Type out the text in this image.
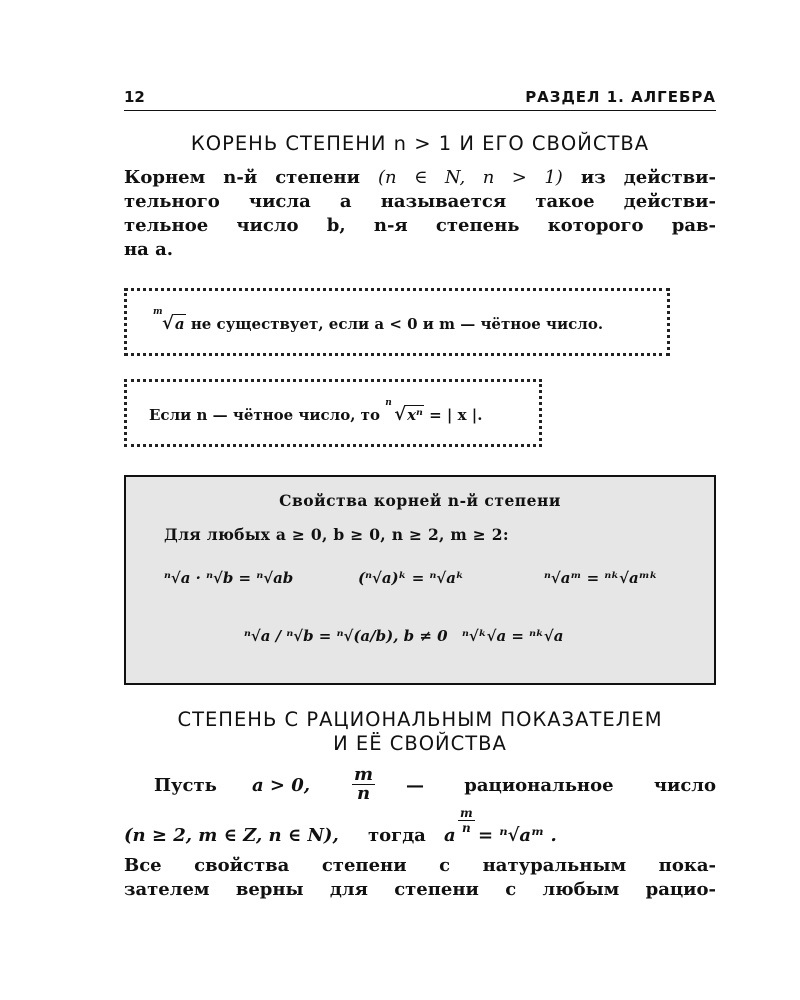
12	РАЗДЕЛ 1. АЛГЕБРА
КОРЕНЬ СТЕПЕНИ n > 1 И ЕГО СВОЙСТВА
Корнем n-й степени (n ∈ N, n > 1) из действи-
тельного числа a называется такое действи-
тельное число b, n-я степень которого рав-
на a.
m
√a не существует, если a < 0 и m — чётное число.
Если n — чётное число, то
n
√xⁿ = | x |.
Свойства корней n-й степени
Для любых a ≥ 0, b ≥ 0, n ≥ 2, m ≥ 2:
ⁿ√a · ⁿ√b = ⁿ√ab	(ⁿ√a)ᵏ = ⁿ√aᵏ	ⁿ√aᵐ = ⁿᵏ√aᵐᵏ
ⁿ√a / ⁿ√b = ⁿ√(a/b), b ≠ 0 ⁿ√ᵏ√a = ⁿᵏ√a
СТЕПЕНЬ С РАЦИОНАЛЬНЫМ ПОКАЗАТЕЛЕМ
И ЕЁ СВОЙСТВА
Пусть a > 0, $\frac{m}{n}$ — рациональное число
(n ≥ 2, m ∈ Z, n ∈ N), тогда a
$\frac{m}{n}$
= ⁿ√aᵐ .
Все свойства степени с натуральным пока-
зателем верны для степени с любым рацио-
